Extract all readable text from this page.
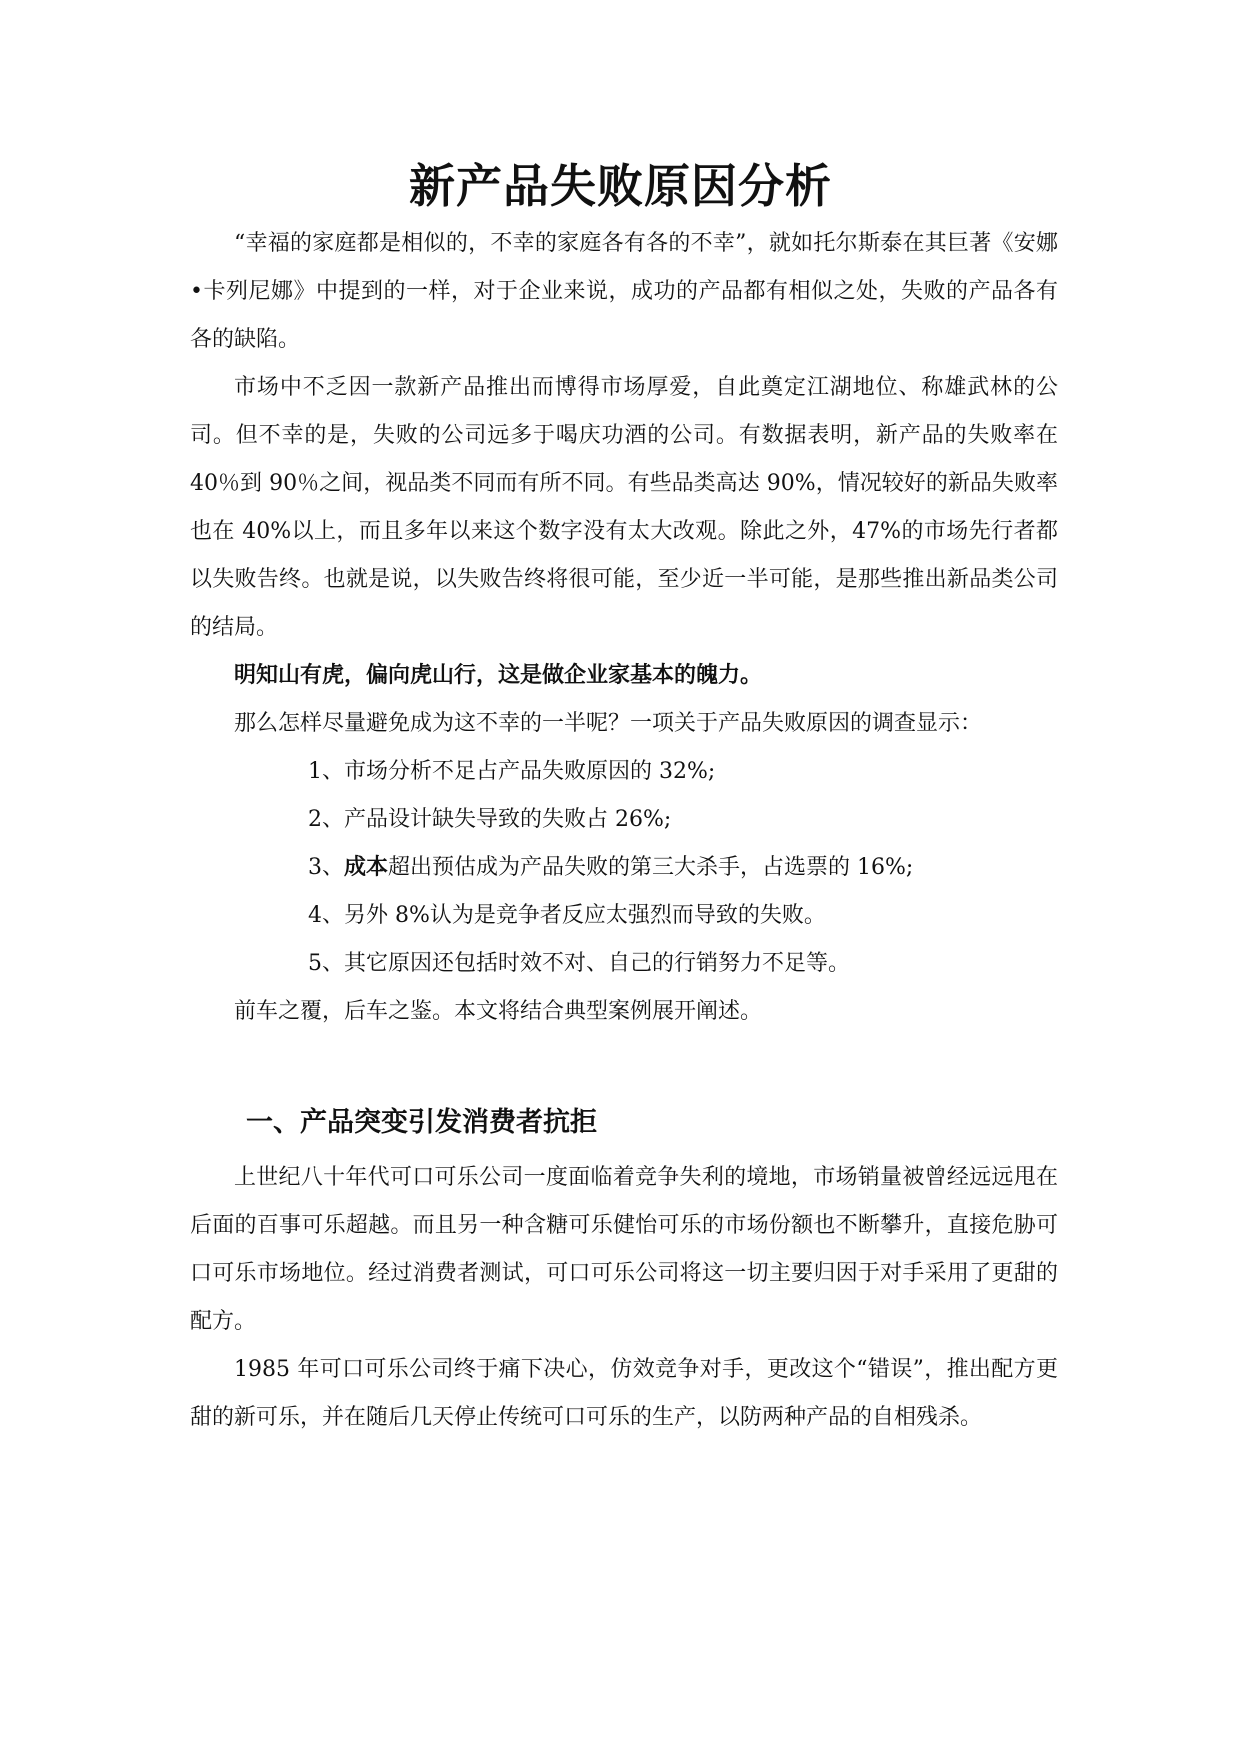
新产品失败原因分析

“幸福的家庭都是相似的，不幸的家庭各有各的不幸”，就如托尔斯泰在其巨著《安娜•卡列尼娜》中提到的一样，对于企业来说，成功的产品都有相似之处，失败的产品各有各的缺陷。

市场中不乏因一款新产品推出而博得市场厚爱，自此奠定江湖地位、称雄武林的公司。但不幸的是，失败的公司远多于喝庆功酒的公司。有数据表明，新产品的失败率在 40％到 90％之间，视品类不同而有所不同。有些品类高达 90%，情况较好的新品失败率也在 40%以上，而且多年以来这个数字没有太大改观。除此之外，47%的市场先行者都以失败告终。也就是说，以失败告终将很可能，至少近一半可能，是那些推出新品类公司的结局。

明知山有虎，偏向虎山行，这是做企业家基本的魄力。

那么怎样尽量避免成为这不幸的一半呢？一项关于产品失败原因的调查显示：

1、市场分析不足占产品失败原因的 32%;
2、产品设计缺失导致的失败占 26%;
3、成本超出预估成为产品失败的第三大杀手，占选票的 16%;
4、另外 8%认为是竞争者反应太强烈而导致的失败。
5、其它原因还包括时效不对、自己的行销努力不足等。

前车之覆，后车之鉴。本文将结合典型案例展开阐述。

一、产品突变引发消费者抗拒

上世纪八十年代可口可乐公司一度面临着竞争失利的境地，市场销量被曾经远远甩在后面的百事可乐超越。而且另一种含糖可乐健怡可乐的市场份额也不断攀升，直接危胁可口可乐市场地位。经过消费者测试，可口可乐公司将这一切主要归因于对手采用了更甜的配方。

1985 年可口可乐公司终于痛下决心，仿效竞争对手，更改这个“错误”，推出配方更甜的新可乐，并在随后几天停止传统可口可乐的生产，以防两种产品的自相残杀。
